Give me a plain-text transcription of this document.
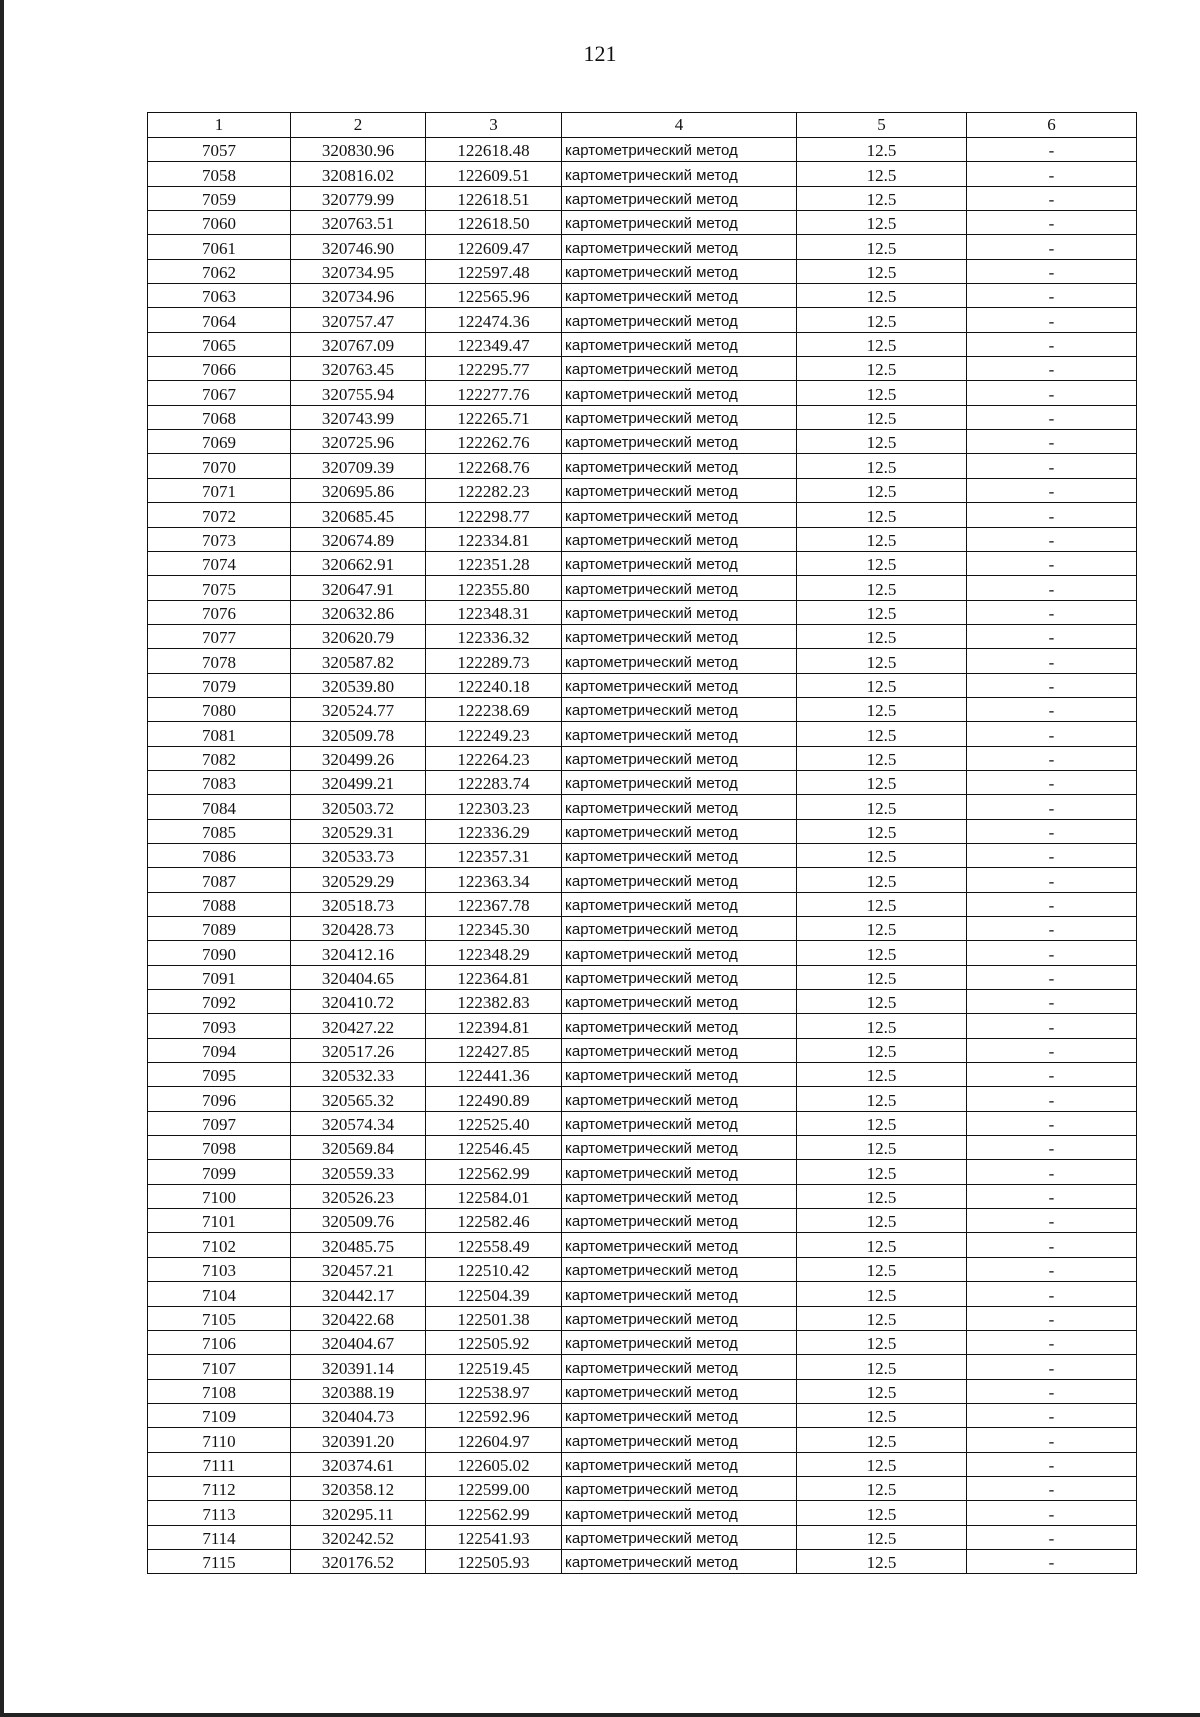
121
1	2	3	4	5	6
7057	320830.96	122618.48	картометрический метод	12.5	-
7058	320816.02	122609.51	картометрический метод	12.5	-
7059	320779.99	122618.51	картометрический метод	12.5	-
7060	320763.51	122618.50	картометрический метод	12.5	-
7061	320746.90	122609.47	картометрический метод	12.5	-
7062	320734.95	122597.48	картометрический метод	12.5	-
7063	320734.96	122565.96	картометрический метод	12.5	-
7064	320757.47	122474.36	картометрический метод	12.5	-
7065	320767.09	122349.47	картометрический метод	12.5	-
7066	320763.45	122295.77	картометрический метод	12.5	-
7067	320755.94	122277.76	картометрический метод	12.5	-
7068	320743.99	122265.71	картометрический метод	12.5	-
7069	320725.96	122262.76	картометрический метод	12.5	-
7070	320709.39	122268.76	картометрический метод	12.5	-
7071	320695.86	122282.23	картометрический метод	12.5	-
7072	320685.45	122298.77	картометрический метод	12.5	-
7073	320674.89	122334.81	картометрический метод	12.5	-
7074	320662.91	122351.28	картометрический метод	12.5	-
7075	320647.91	122355.80	картометрический метод	12.5	-
7076	320632.86	122348.31	картометрический метод	12.5	-
7077	320620.79	122336.32	картометрический метод	12.5	-
7078	320587.82	122289.73	картометрический метод	12.5	-
7079	320539.80	122240.18	картометрический метод	12.5	-
7080	320524.77	122238.69	картометрический метод	12.5	-
7081	320509.78	122249.23	картометрический метод	12.5	-
7082	320499.26	122264.23	картометрический метод	12.5	-
7083	320499.21	122283.74	картометрический метод	12.5	-
7084	320503.72	122303.23	картометрический метод	12.5	-
7085	320529.31	122336.29	картометрический метод	12.5	-
7086	320533.73	122357.31	картометрический метод	12.5	-
7087	320529.29	122363.34	картометрический метод	12.5	-
7088	320518.73	122367.78	картометрический метод	12.5	-
7089	320428.73	122345.30	картометрический метод	12.5	-
7090	320412.16	122348.29	картометрический метод	12.5	-
7091	320404.65	122364.81	картометрический метод	12.5	-
7092	320410.72	122382.83	картометрический метод	12.5	-
7093	320427.22	122394.81	картометрический метод	12.5	-
7094	320517.26	122427.85	картометрический метод	12.5	-
7095	320532.33	122441.36	картометрический метод	12.5	-
7096	320565.32	122490.89	картометрический метод	12.5	-
7097	320574.34	122525.40	картометрический метод	12.5	-
7098	320569.84	122546.45	картометрический метод	12.5	-
7099	320559.33	122562.99	картометрический метод	12.5	-
7100	320526.23	122584.01	картометрический метод	12.5	-
7101	320509.76	122582.46	картометрический метод	12.5	-
7102	320485.75	122558.49	картометрический метод	12.5	-
7103	320457.21	122510.42	картометрический метод	12.5	-
7104	320442.17	122504.39	картометрический метод	12.5	-
7105	320422.68	122501.38	картометрический метод	12.5	-
7106	320404.67	122505.92	картометрический метод	12.5	-
7107	320391.14	122519.45	картометрический метод	12.5	-
7108	320388.19	122538.97	картометрический метод	12.5	-
7109	320404.73	122592.96	картометрический метод	12.5	-
7110	320391.20	122604.97	картометрический метод	12.5	-
7111	320374.61	122605.02	картометрический метод	12.5	-
7112	320358.12	122599.00	картометрический метод	12.5	-
7113	320295.11	122562.99	картометрический метод	12.5	-
7114	320242.52	122541.93	картометрический метод	12.5	-
7115	320176.52	122505.93	картометрический метод	12.5	-
